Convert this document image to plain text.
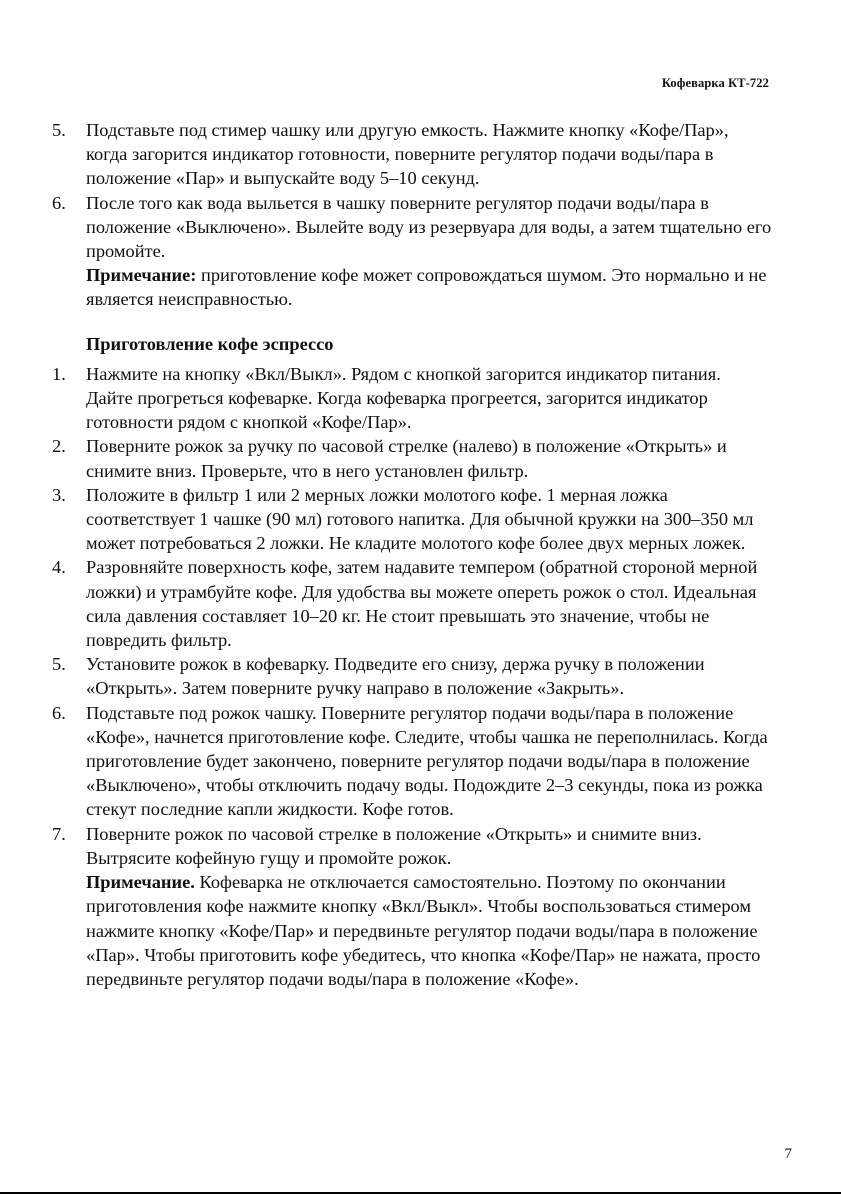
Кофеварка КТ-722
5. Подставьте под стимер чашку или другую емкость. Нажмите кнопку «Кофе/Пар», когда загорится индикатор готовности, поверните регулятор подачи воды/пара в положение «Пар» и выпускайте воду 5–10 секунд.
6. После того как вода выльется в чашку поверните регулятор подачи воды/пара в положение «Выключено». Вылейте воду из резервуара для воды, а затем тщательно его промойте.
Примечание: приготовление кофе может сопровождаться шумом. Это нормально и не является неисправностью.
Приготовление кофе эспрессо
1. Нажмите на кнопку «Вкл/Выкл». Рядом с кнопкой загорится индикатор питания. Дайте прогреться кофеварке. Когда кофеварка прогреется, загорится индикатор готовности рядом с кнопкой «Кофе/Пар».
2. Поверните рожок за ручку по часовой стрелке (налево) в положение «Открыть» и снимите вниз. Проверьте, что в него установлен фильтр.
3. Положите в фильтр 1 или 2 мерных ложки молотого кофе. 1 мерная ложка соответствует 1 чашке (90 мл) готового напитка. Для обычной кружки на 300–350 мл может потребоваться 2 ложки. Не кладите молотого кофе более двух мерных ложек.
4. Разровняйте поверхность кофе, затем надавите темпером (обратной стороной мерной ложки) и утрамбуйте кофе. Для удобства вы можете опереть рожок о стол. Идеальная сила давления составляет 10–20 кг. Не стоит превышать это значение, чтобы не повредить фильтр.
5. Установите рожок в кофеварку. Подведите его снизу, держа ручку в положении «Открыть». Затем поверните ручку направо в положение «Закрыть».
6. Подставьте под рожок чашку. Поверните регулятор подачи воды/пара в положение «Кофе», начнется приготовление кофе. Следите, чтобы чашка не переполнилась. Когда приготовление будет закончено, поверните регулятор подачи воды/пара в положение «Выключено», чтобы отключить подачу воды. Подождите 2–3 секунды, пока из рожка стекут последние капли жидкости. Кофе готов.
7. Поверните рожок по часовой стрелке в положение «Открыть» и снимите вниз. Вытрясите кофейную гущу и промойте рожок.
Примечание. Кофеварка не отключается самостоятельно. Поэтому по окончании приготовления кофе нажмите кнопку «Вкл/Выкл». Чтобы воспользоваться стимером нажмите кнопку «Кофе/Пар» и передвиньте регулятор подачи воды/пара в положение «Пар». Чтобы приготовить кофе убедитесь, что кнопка «Кофе/Пар» не нажата, просто передвиньте регулятор подачи воды/пара в положение «Кофе».
7
